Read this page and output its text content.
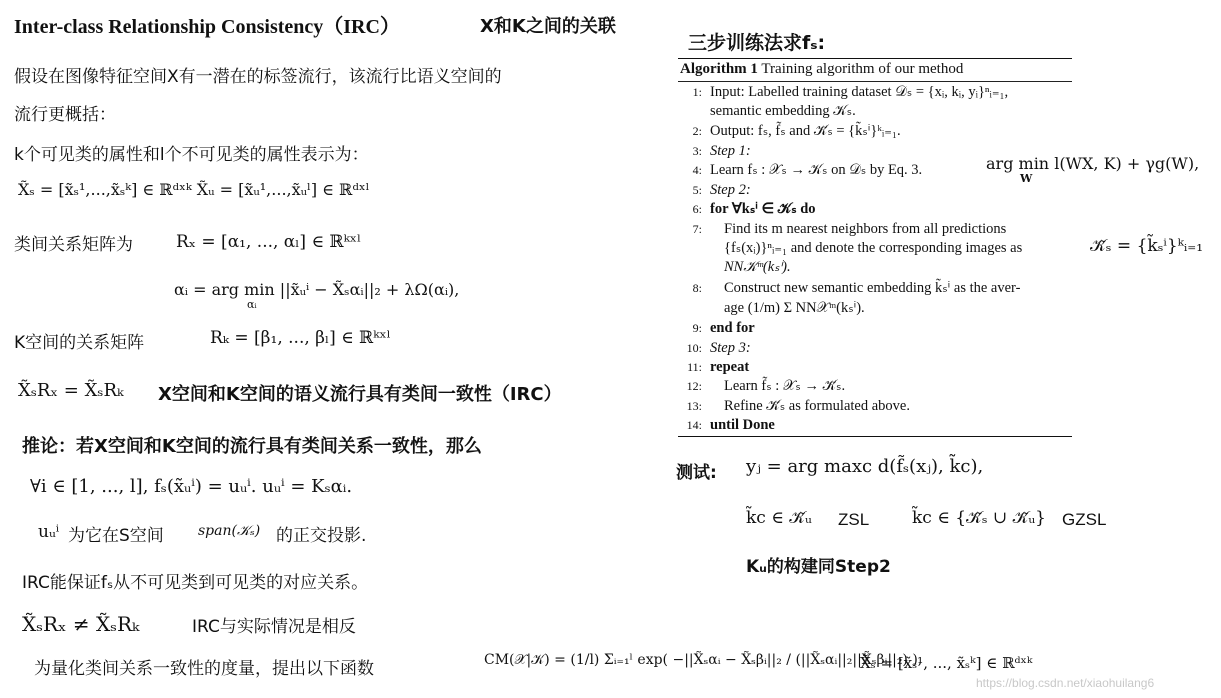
Inter-class Relationship Consistency（IRC）	X和K之间的关联
假设在图像特征空间X有一潜在的标签流行，该流行比语义空间的
流行更概括：
k个可见类的属性和l个不可见类的属性表示为：
X̃ₛ = [x̃ₛ¹,...,x̃ₛᵏ] ∈ ℝᵈˣᵏ X̃ᵤ = [x̃ᵤ¹,...,x̃ᵤˡ] ∈ ℝᵈˣˡ
类间关系矩阵为	Rₓ = [α₁, ..., αₗ] ∈ ℝᵏˣˡ
αᵢ = arg min ||x̃ᵤⁱ − X̃ₛαᵢ||₂ + λΩ(αᵢ),
αᵢ
K空间的关系矩阵	Rₖ = [β₁, ..., βₗ] ∈ ℝᵏˣˡ
X̃ₛRₓ = X̃ₛRₖ X空间和K空间的语义流行具有类间一致性（IRC）
推论：若X空间和K空间的流行具有类间关系一致性，那么
∀i ∈ [1, ..., l], fₛ(x̃ᵤⁱ) = uᵤⁱ. uᵤⁱ = Kₛαᵢ.
uᵤⁱ 为它在S空间 span(𝒦ₛ) 的正交投影.
IRC能保证fₛ从不可见类到可见类的对应关系。
X̃ₛRₓ ≠ X̃ₛRₖ	IRC与实际情况是相反
为量化类间关系一致性的度量，提出以下函数	CM(𝒳|𝒦) = (1/l) Σᵢ₌₁ˡ exp( −||X̃ₛαᵢ − X̃ₛβᵢ||₂ / (||X̃ₛαᵢ||₂||X̃ₛβᵢ||₂) ),
X̃ₛ = [x̃ₛ¹, ..., x̃ₛᵏ] ∈ ℝᵈˣᵏ
三步训练法求fₛ:
Algorithm 1 Training algorithm of our method
1: Input: Labelled training dataset 𝒟ₛ = {xᵢ, kᵢ, yᵢ}ⁿᵢ₌₁,
semantic embedding 𝒦ₛ.
2: Output: fₛ, f̃ₛ and 𝒦̃ₛ = {k̃ₛⁱ}ᵏᵢ₌₁.
3: Step 1:
4: Learn fₛ : 𝒳ₛ → 𝒦ₛ on 𝒟ₛ by Eq. 3.
5: Step 2:
6: for ∀kₛⁱ ∈ 𝒦ₛ do
7: Find its m nearest neighbors from all predictions
{fₛ(xᵢ)}ⁿᵢ₌₁ and denote the corresponding images as
NN𝒦ᵐ(kₛⁱ).
8: Construct new semantic embedding k̃ₛⁱ as the aver-
age (1/m) Σ NN𝒳ᵐ(kₛⁱ).
9: end for
10: Step 3:
11: repeat
12: Learn f̃ₛ : 𝒳ₛ → 𝒦̃ₛ.
13: Refine 𝒦̃ₛ as formulated above.
14: until Done
arg min l(WX, K) + γg(W),
W
𝒦̃ₛ = {k̃ₛⁱ}ᵏᵢ₌₁
测试: yⱼ = arg maxc d(f̃ₛ(xⱼ), k̃c),
k̃c ∈ 𝒦̃ᵤ ZSL	k̃c ∈ {𝒦̃ₛ ∪ 𝒦̃ᵤ} GZSL
Kᵤ的构建同Step2
https://blog.csdn.net/xiaohuilang6
